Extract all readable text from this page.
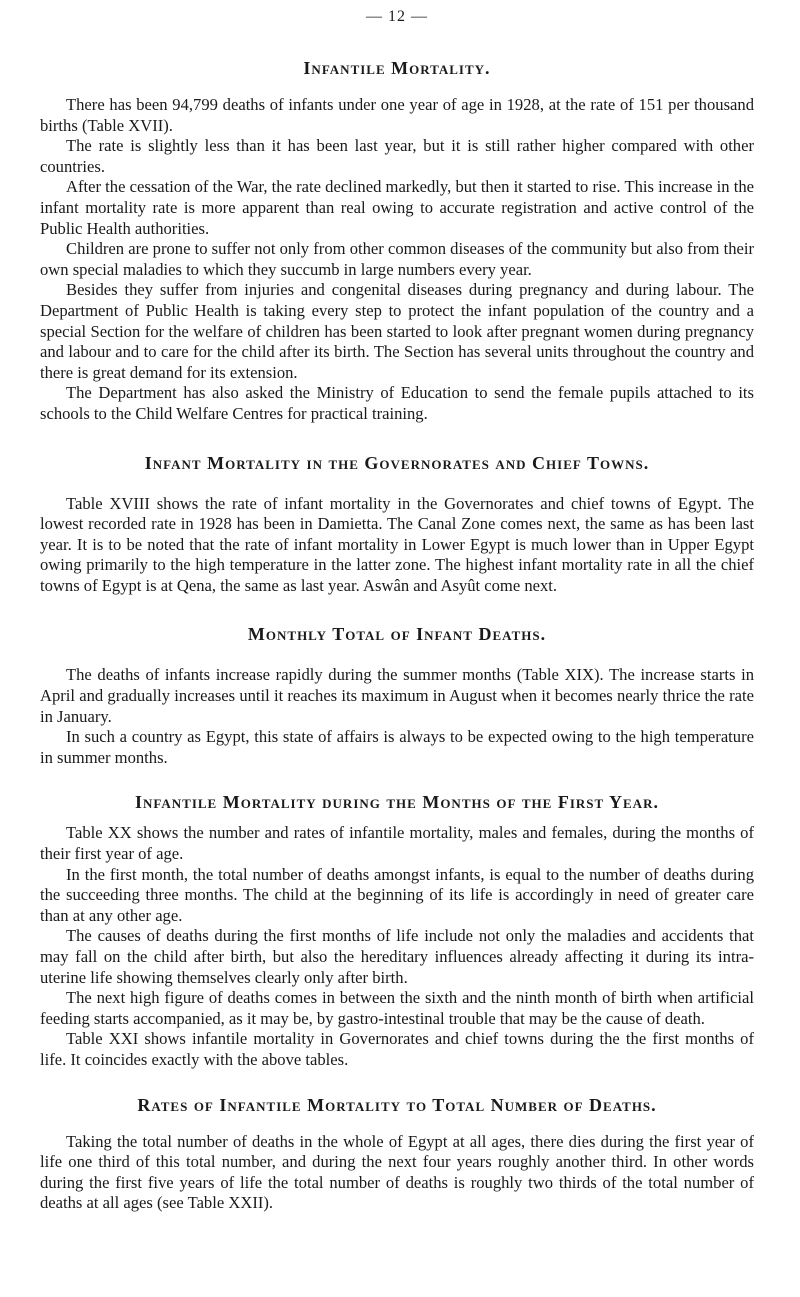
— 12 —
Infantile Mortality.

There has been 94,799 deaths of infants under one year of age in 1928, at the rate of 151 per thousand births (Table XVII).

The rate is slightly less than it has been last year, but it is still rather higher compared with other countries.

After the cessation of the War, the rate declined markedly, but then it started to rise. This increase in the infant mortality rate is more apparent than real owing to accurate registration and active control of the Public Health authorities.

Children are prone to suffer not only from other common diseases of the community but also from their own special maladies to which they succumb in large numbers every year.

Besides they suffer from injuries and congenital diseases during pregnancy and during labour. The Department of Public Health is taking every step to protect the infant population of the country and a special Section for the welfare of children has been started to look after pregnant women during pregnancy and labour and to care for the child after its birth. The Section has several units throughout the country and there is great demand for its extension.

The Department has also asked the Ministry of Education to send the female pupils attached to its schools to the Child Welfare Centres for practical training.

Infant Mortality in the Governorates and Chief Towns.

Table XVIII shows the rate of infant mortality in the Governorates and chief towns of Egypt. The lowest recorded rate in 1928 has been in Damietta. The Canal Zone comes next, the same as has been last year. It is to be noted that the rate of infant mortality in Lower Egypt is much lower than in Upper Egypt owing primarily to the high temperature in the latter zone. The highest infant mortality rate in all the chief towns of Egypt is at Qena, the same as last year. Aswân and Asyût come next.

Monthly Total of Infant Deaths.

The deaths of infants increase rapidly during the summer months (Table XIX). The increase starts in April and gradually increases until it reaches its maximum in August when it becomes nearly thrice the rate in January.

In such a country as Egypt, this state of affairs is always to be expected owing to the high temperature in summer months.

Infantile Mortality during the Months of the First Year.

Table XX shows the number and rates of infantile mortality, males and females, during the months of their first year of age.

In the first month, the total number of deaths amongst infants, is equal to the number of deaths during the succeeding three months. The child at the beginning of its life is accordingly in need of greater care than at any other age.

The causes of deaths during the first months of life include not only the maladies and accidents that may fall on the child after birth, but also the hereditary influences already affecting it during its intra-uterine life showing themselves clearly only after birth.

The next high figure of deaths comes in between the sixth and the ninth month of birth when artificial feeding starts accompanied, as it may be, by gastro-intestinal trouble that may be the cause of death.

Table XXI shows infantile mortality in Governorates and chief towns during the the first months of life. It coincides exactly with the above tables.

Rates of Infantile Mortality to Total Number of Deaths.

Taking the total number of deaths in the whole of Egypt at all ages, there dies during the first year of life one third of this total number, and during the next four years roughly another third. In other words during the first five years of life the total number of deaths is roughly two thirds of the total number of deaths at all ages (see Table XXII).
